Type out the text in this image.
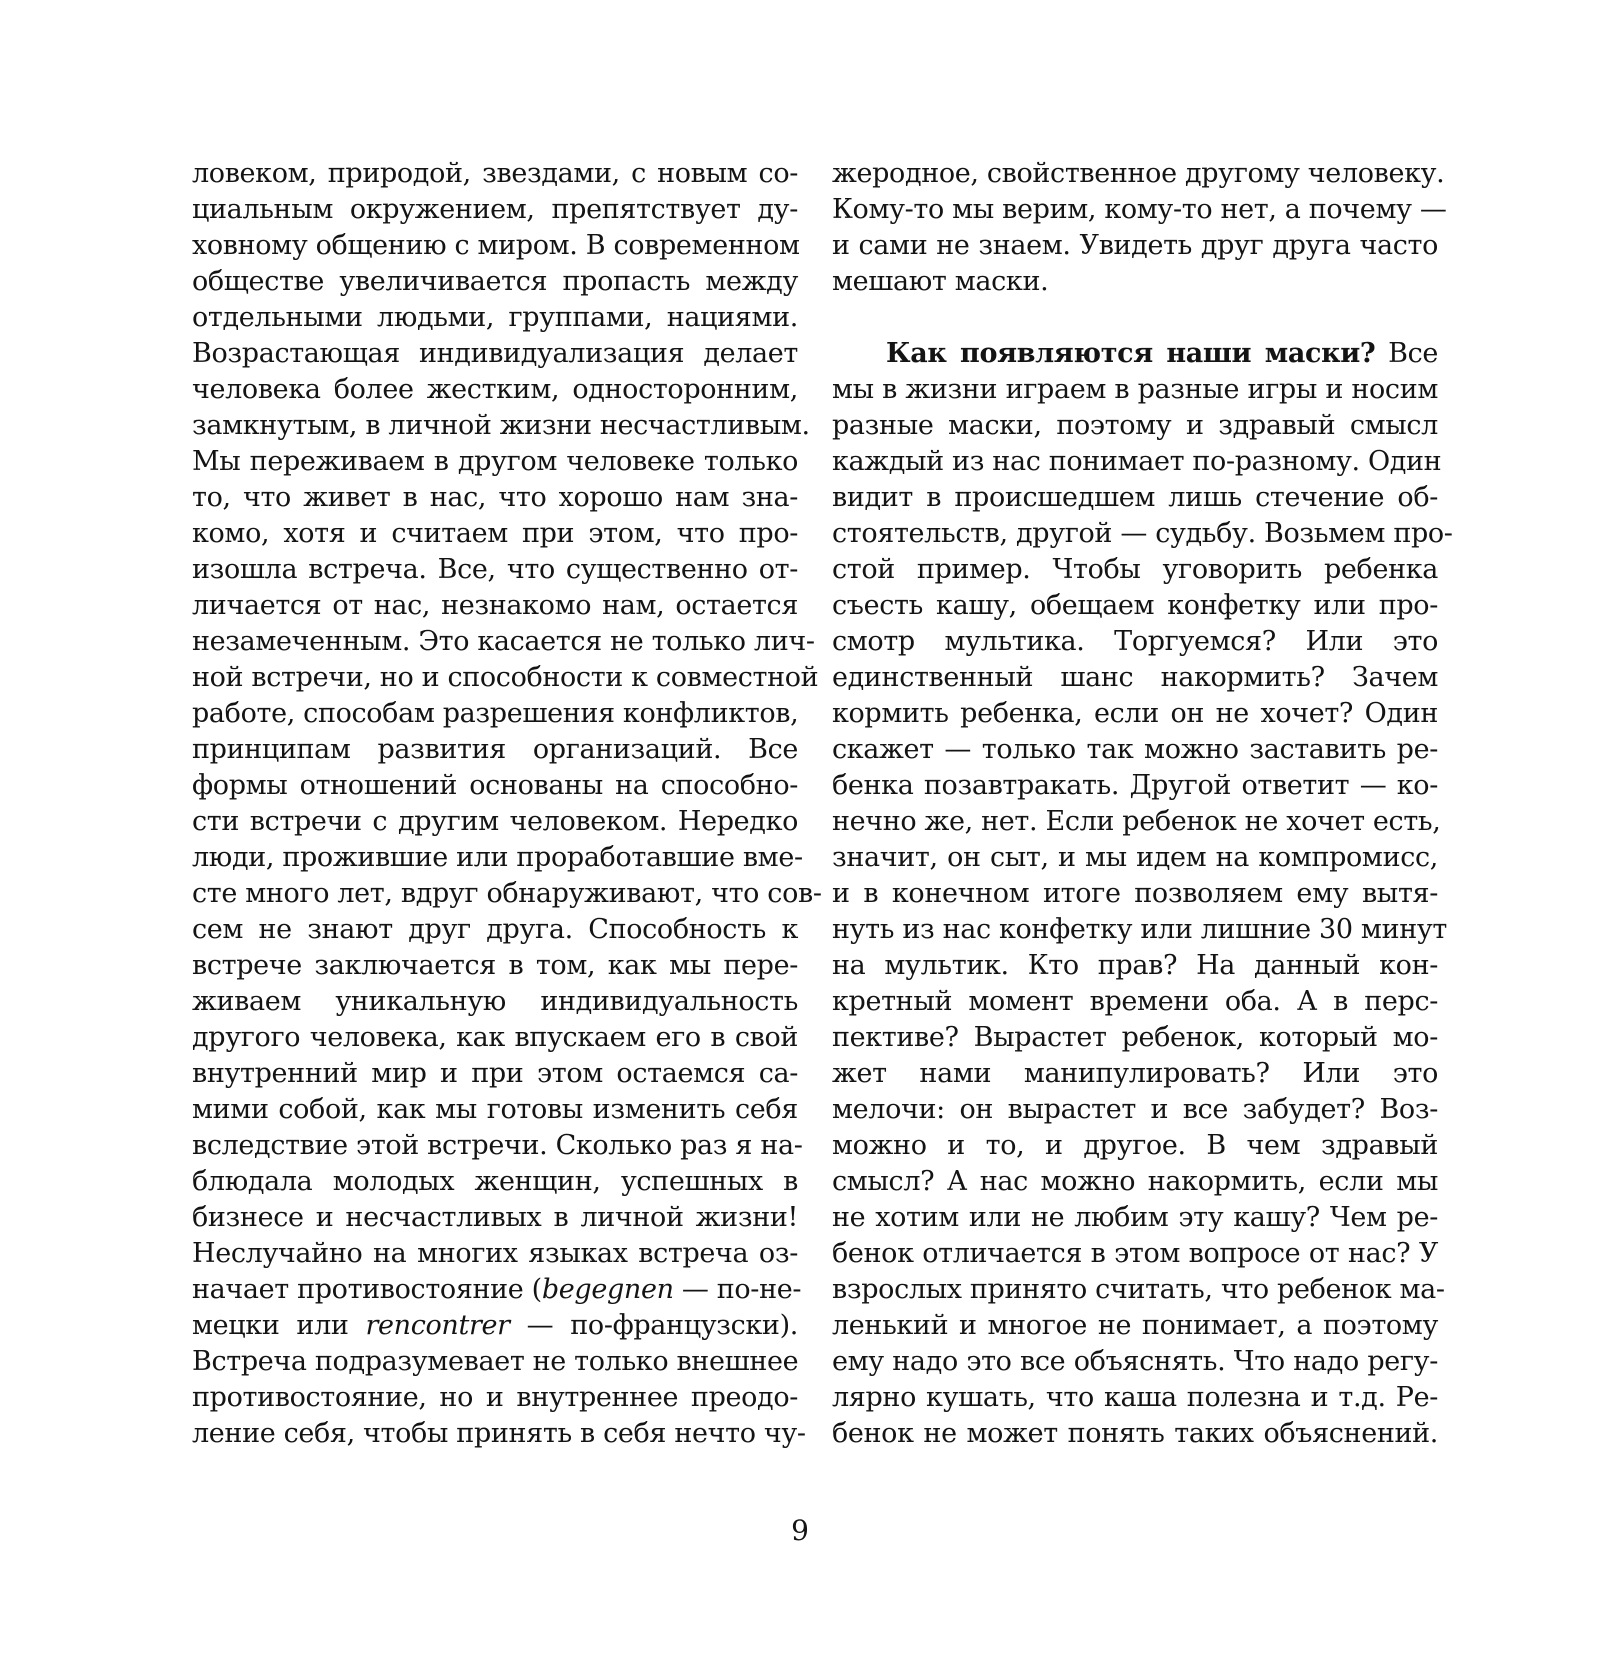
ловеком, природой, звездами, с новым со-
циальным окружением, препятствует ду-
ховному общению с миром. В современном
обществе увеличивается пропасть между
отдельными людьми, группами, нациями.
Возрастающая индивидуализация делает
человека более жестким, односторонним,
замкнутым, в личной жизни несчастливым.
Мы переживаем в другом человеке только
то, что живет в нас, что хорошо нам зна-
комо, хотя и считаем при этом, что про-
изошла встреча. Все, что существенно от-
личается от нас, незнакомо нам, остается
незамеченным. Это касается не только лич-
ной встречи, но и способности к совместной
работе, способам разрешения конфликтов,
принципам развития организаций. Все
формы отношений основаны на способно-
сти встречи с другим человеком. Нередко
люди, прожившие или проработавшие вме-
сте много лет, вдруг обнаруживают, что сов-
сем не знают друг друга. Способность к
встрече заключается в том, как мы пере-
живаем уникальную индивидуальность
другого человека, как впускаем его в свой
внутренний мир и при этом остаемся са-
мими собой, как мы готовы изменить себя
вследствие этой встречи. Сколько раз я на-
блюдала молодых женщин, успешных в
бизнесе и несчастливых в личной жизни!
Неслучайно на многих языках встреча оз-
начает противостояние (begegnen — по-не-
мецки или rencontrer — по-французски).
Встреча подразумевает не только внешнее
противостояние, но и внутреннее преодо-
ление себя, чтобы принять в себя нечто чу-
жеродное, свойственное другому человеку.
Кому-то мы верим, кому-то нет, а почему —
и сами не знаем. Увидеть друг друга часто
мешают маски.
Как появляются наши маски? Все
мы в жизни играем в разные игры и носим
разные маски, поэтому и здравый смысл
каждый из нас понимает по-разному. Один
видит в происшедшем лишь стечение об-
стоятельств, другой — судьбу. Возьмем про-
стой пример. Чтобы уговорить ребенка
съесть кашу, обещаем конфетку или про-
смотр мультика. Торгуемся? Или это
единственный шанс накормить? Зачем
кормить ребенка, если он не хочет? Один
скажет — только так можно заставить ре-
бенка позавтракать. Другой ответит — ко-
нечно же, нет. Если ребенок не хочет есть,
значит, он сыт, и мы идем на компромисс,
и в конечном итоге позволяем ему вытя-
нуть из нас конфетку или лишние 30 минут
на мультик. Кто прав? На данный кон-
кретный момент времени оба. А в перс-
пективе? Вырастет ребенок, который мо-
жет нами манипулировать? Или это
мелочи: он вырастет и все забудет? Воз-
можно и то, и другое. В чем здравый
смысл? А нас можно накормить, если мы
не хотим или не любим эту кашу? Чем ре-
бенок отличается в этом вопросе от нас? У
взрослых принято считать, что ребенок ма-
ленький и многое не понимает, а поэтому
ему надо это все объяснять. Что надо регу-
лярно кушать, что каша полезна и т.д. Ре-
бенок не может понять таких объяснений.
9
